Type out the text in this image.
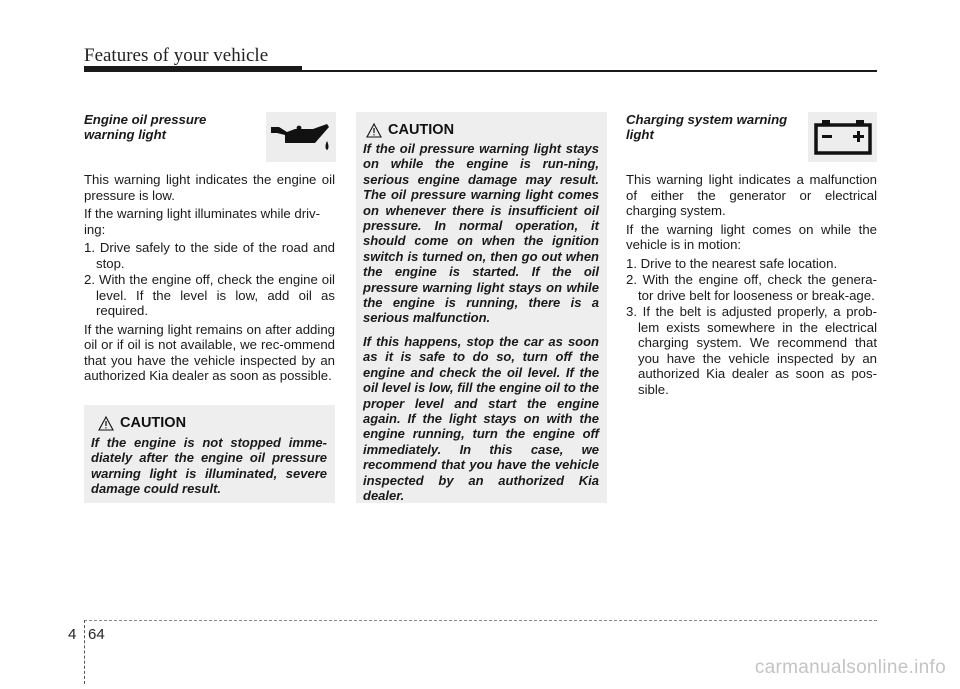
Features of your vehicle
Engine oil pressure
warning light

This warning light indicates the engine oil pressure is low.

If the warning light illuminates while driv-ing:

1. Drive safely to the side of the road and stop.
2. With the engine off, check the engine oil level. If the level is low, add oil as required.

If the warning light remains on after adding oil or if oil is not available, we rec-ommend that you have the vehicle inspected by an authorized Kia dealer as soon as possible.

CAUTION
If the engine is not stopped imme-diately after the engine oil pressure warning light is illuminated, severe damage could result.
CAUTION
If the oil pressure warning light stays on while the engine is run-ning, serious engine damage may result. The oil pressure warning light comes on whenever there is insufficient oil pressure. In normal operation, it should come on when the ignition switch is turned on, then go out when the engine is started. If the oil pressure warning light stays on while the engine is running, there is a serious malfunction.
If this happens, stop the car as soon as it is safe to do so, turn off the engine and check the oil level. If the oil level is low, fill the engine oil to the proper level and start the engine again. If the light stays on with the engine running, turn the engine off immediately. In this case, we recommend that you have the vehicle inspected by an authorized Kia dealer.
Charging system warning
light

This warning light indicates a malfunction of either the generator or electrical charging system.

If the warning light comes on while the vehicle is in motion:

1. Drive to the nearest safe location.
2. With the engine off, check the genera-tor drive belt for looseness or break-age.
3. If the belt is adjusted properly, a prob-lem exists somewhere in the electrical charging system. We recommend that you have the vehicle inspected by an authorized Kia dealer as soon as pos-sible.
4 64
carmanualsonline.info
